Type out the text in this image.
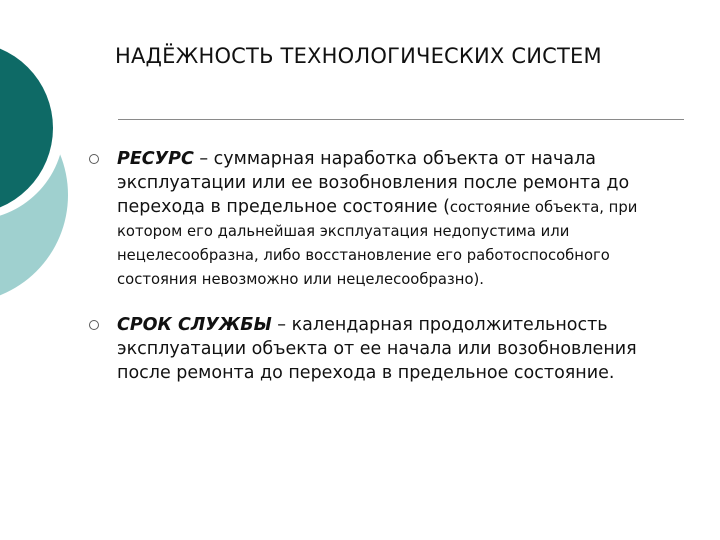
НАДЁЖНОСТЬ ТЕХНОЛОГИЧЕСКИХ СИСТЕМ
РЕСУРС – суммарная наработка объекта от начала эксплуатации или ее возобновления после ремонта до перехода в предельное состояние (состояние объекта, при котором его дальнейшая эксплуатация недопустима или нецелесообразна, либо восстановление его работоспособного состояния невозможно или нецелесообразно).
СРОК СЛУЖБЫ – календарная продолжительность эксплуатации объекта от ее начала или возобновления после ремонта до перехода в предельное состояние.
